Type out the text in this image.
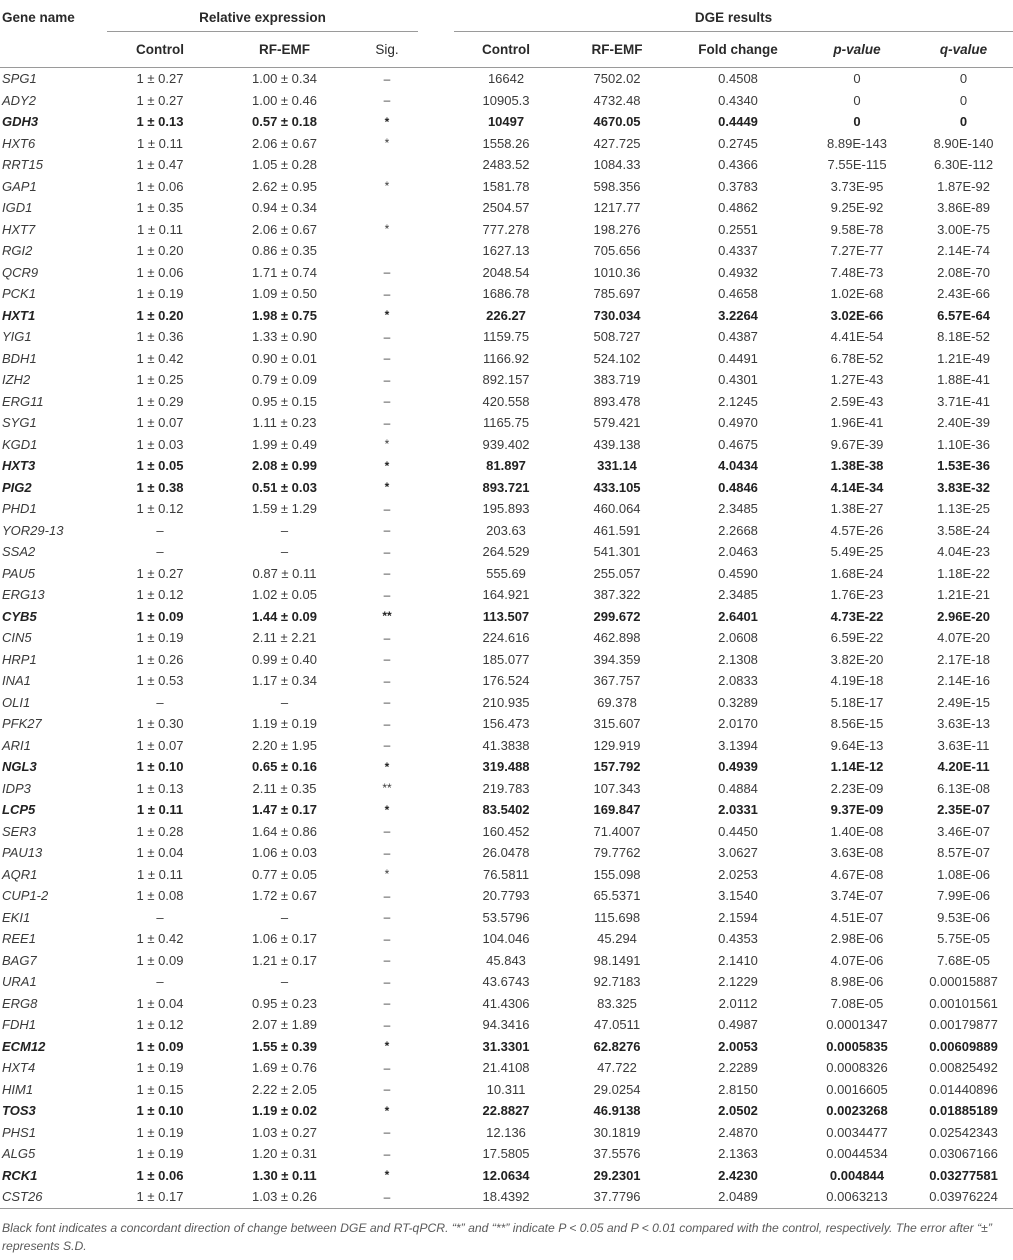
Gene name	Relative expression				DGE results				
	Control	RF-EMF	Sig.		Control	RF-EMF	Fold change	p-value	q-value
SPG1	1 ± 0.27	1.00 ± 0.34	–		16642	7502.02	0.4508	0	0
ADY2	1 ± 0.27	1.00 ± 0.46	–		10905.3	4732.48	0.4340	0	0
GDH3	1 ± 0.13	0.57 ± 0.18	*		10497	4670.05	0.4449	0	0
HXT6	1 ± 0.11	2.06 ± 0.67	*		1558.26	427.725	0.2745	8.89E-143	8.90E-140
RRT15	1 ± 0.47	1.05 ± 0.28			2483.52	1084.33	0.4366	7.55E-115	6.30E-112
GAP1	1 ± 0.06	2.62 ± 0.95	*		1581.78	598.356	0.3783	3.73E-95	1.87E-92
IGD1	1 ± 0.35	0.94 ± 0.34			2504.57	1217.77	0.4862	9.25E-92	3.86E-89
HXT7	1 ± 0.11	2.06 ± 0.67	*		777.278	198.276	0.2551	9.58E-78	3.00E-75
RGI2	1 ± 0.20	0.86 ± 0.35			1627.13	705.656	0.4337	7.27E-77	2.14E-74
QCR9	1 ± 0.06	1.71 ± 0.74	–		2048.54	1010.36	0.4932	7.48E-73	2.08E-70
PCK1	1 ± 0.19	1.09 ± 0.50	–		1686.78	785.697	0.4658	1.02E-68	2.43E-66
HXT1	1 ± 0.20	1.98 ± 0.75	*		226.27	730.034	3.2264	3.02E-66	6.57E-64
YIG1	1 ± 0.36	1.33 ± 0.90	–		1159.75	508.727	0.4387	4.41E-54	8.18E-52
BDH1	1 ± 0.42	0.90 ± 0.01	–		1166.92	524.102	0.4491	6.78E-52	1.21E-49
IZH2	1 ± 0.25	0.79 ± 0.09	–		892.157	383.719	0.4301	1.27E-43	1.88E-41
ERG11	1 ± 0.29	0.95 ± 0.15	–		420.558	893.478	2.1245	2.59E-43	3.71E-41
SYG1	1 ± 0.07	1.11 ± 0.23	–		1165.75	579.421	0.4970	1.96E-41	2.40E-39
KGD1	1 ± 0.03	1.99 ± 0.49	*		939.402	439.138	0.4675	9.67E-39	1.10E-36
HXT3	1 ± 0.05	2.08 ± 0.99	*		81.897	331.14	4.0434	1.38E-38	1.53E-36
PIG2	1 ± 0.38	0.51 ± 0.03	*		893.721	433.105	0.4846	4.14E-34	3.83E-32
PHD1	1 ± 0.12	1.59 ± 1.29	–		195.893	460.064	2.3485	1.38E-27	1.13E-25
YOR29-13	–	–	–		203.63	461.591	2.2668	4.57E-26	3.58E-24
SSA2	–	–	–		264.529	541.301	2.0463	5.49E-25	4.04E-23
PAU5	1 ± 0.27	0.87 ± 0.11	–		555.69	255.057	0.4590	1.68E-24	1.18E-22
ERG13	1 ± 0.12	1.02 ± 0.05	–		164.921	387.322	2.3485	1.76E-23	1.21E-21
CYB5	1 ± 0.09	1.44 ± 0.09	**		113.507	299.672	2.6401	4.73E-22	2.96E-20
CIN5	1 ± 0.19	2.11 ± 2.21	–		224.616	462.898	2.0608	6.59E-22	4.07E-20
HRP1	1 ± 0.26	0.99 ± 0.40	–		185.077	394.359	2.1308	3.82E-20	2.17E-18
INA1	1 ± 0.53	1.17 ± 0.34	–		176.524	367.757	2.0833	4.19E-18	2.14E-16
OLI1	–	–	–		210.935	69.378	0.3289	5.18E-17	2.49E-15
PFK27	1 ± 0.30	1.19 ± 0.19	–		156.473	315.607	2.0170	8.56E-15	3.63E-13
ARI1	1 ± 0.07	2.20 ± 1.95	–		41.3838	129.919	3.1394	9.64E-13	3.63E-11
NGL3	1 ± 0.10	0.65 ± 0.16	*		319.488	157.792	0.4939	1.14E-12	4.20E-11
IDP3	1 ± 0.13	2.11 ± 0.35	**		219.783	107.343	0.4884	2.23E-09	6.13E-08
LCP5	1 ± 0.11	1.47 ± 0.17	*		83.5402	169.847	2.0331	9.37E-09	2.35E-07
SER3	1 ± 0.28	1.64 ± 0.86	–		160.452	71.4007	0.4450	1.40E-08	3.46E-07
PAU13	1 ± 0.04	1.06 ± 0.03	–		26.0478	79.7762	3.0627	3.63E-08	8.57E-07
AQR1	1 ± 0.11	0.77 ± 0.05	*		76.5811	155.098	2.0253	4.67E-08	1.08E-06
CUP1-2	1 ± 0.08	1.72 ± 0.67	–		20.7793	65.5371	3.1540	3.74E-07	7.99E-06
EKI1	–	–	–		53.5796	115.698	2.1594	4.51E-07	9.53E-06
REE1	1 ± 0.42	1.06 ± 0.17	–		104.046	45.294	0.4353	2.98E-06	5.75E-05
BAG7	1 ± 0.09	1.21 ± 0.17	–		45.843	98.1491	2.1410	4.07E-06	7.68E-05
URA1	–	–	–		43.6743	92.7183	2.1229	8.98E-06	0.00015887
ERG8	1 ± 0.04	0.95 ± 0.23	–		41.4306	83.325	2.0112	7.08E-05	0.00101561
FDH1	1 ± 0.12	2.07 ± 1.89	–		94.3416	47.0511	0.4987	0.0001347	0.00179877
ECM12	1 ± 0.09	1.55 ± 0.39	*		31.3301	62.8276	2.0053	0.0005835	0.00609889
HXT4	1 ± 0.19	1.69 ± 0.76	–		21.4108	47.722	2.2289	0.0008326	0.00825492
HIM1	1 ± 0.15	2.22 ± 2.05	–		10.311	29.0254	2.8150	0.0016605	0.01440896
TOS3	1 ± 0.10	1.19 ± 0.02	*		22.8827	46.9138	2.0502	0.0023268	0.01885189
PHS1	1 ± 0.19	1.03 ± 0.27	–		12.136	30.1819	2.4870	0.0034477	0.02542343
ALG5	1 ± 0.19	1.20 ± 0.31	–		17.5805	37.5576	2.1363	0.0044534	0.03067166
RCK1	1 ± 0.06	1.30 ± 0.11	*		12.0634	29.2301	2.4230	0.004844	0.03277581
CST26	1 ± 0.17	1.03 ± 0.26	–		18.4392	37.7796	2.0489	0.0063213	0.03976224
Black font indicates a concordant direction of change between DGE and RT-qPCR. “*” and “**” indicate P < 0.05 and P < 0.01 compared with the control, respectively. The error after “±” represents S.D.
